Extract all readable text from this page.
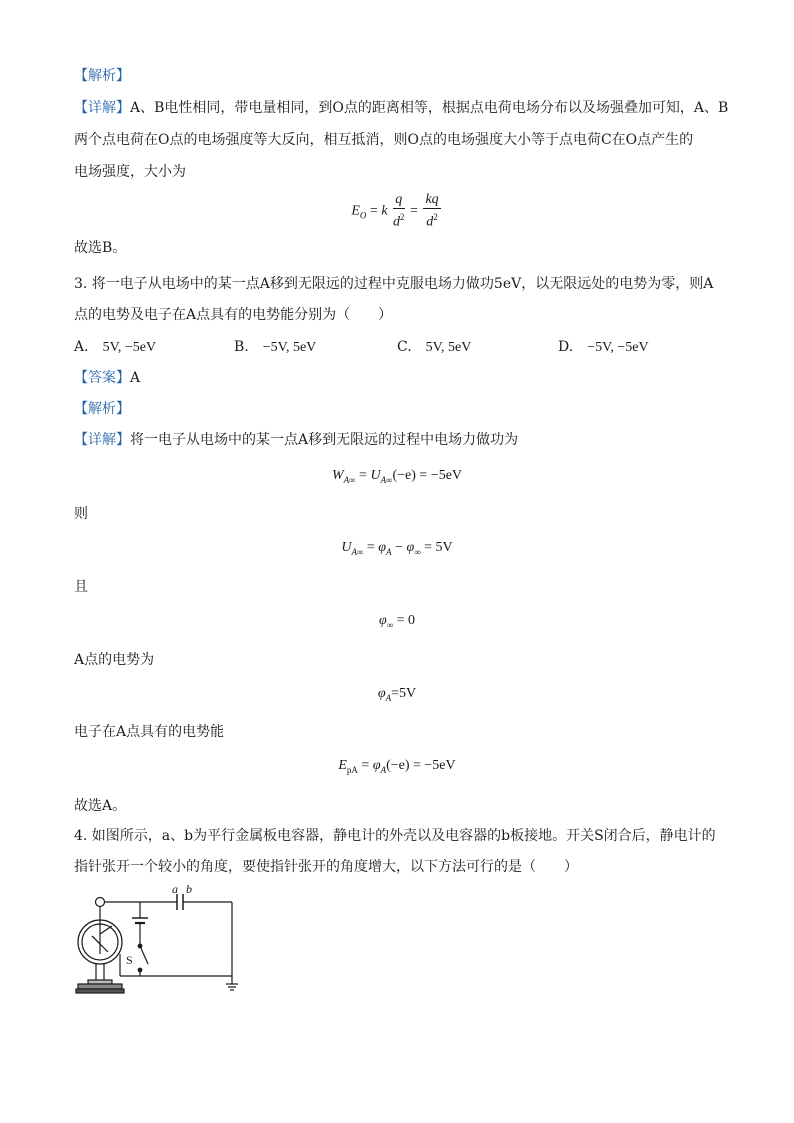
【解析】
【详解】A、B电性相同，带电量相同，到O点的距离相等，根据点电荷电场分布以及场强叠加可知，A、B
两个点电荷在O点的电场强度等大反向，相互抵消，则O点的电场强度大小等于点电荷C在O点产生的
电场强度，大小为
$E_O = k \frac{q}{d^2} = \frac{kq}{d^2}$
故选B。
3. 将一电子从电场中的某一点A移到无限远的过程中克服电场力做功5eV，以无限远处的电势为零，则A
点的电势及电子在A点具有的电势能分别为（　　）
A. 5V, −5eV	B. −5V, 5eV	C. 5V, 5eV	D. −5V, −5eV
【答案】A
【解析】
【详解】将一电子从电场中的某一点A移到无限远的过程中电场力做功为
$W_{A\infty} = U_{A\infty}(-e) = -5eV$
则
$U_{A\infty} = \varphi_A - \varphi_\infty = 5V$
且
$\varphi_\infty = 0$
A点的电势为
$\varphi_A=5V$
电子在A点具有的电势能
$E_{pA} = \varphi_A(-e) = -5eV$
故选A。
4. 如图所示，a、b为平行金属板电容器，静电计的外壳以及电容器的b板接地。开关S闭合后，静电计的
指针张开一个较小的角度，要使指针张开的角度增大，以下方法可行的是（　　）
a b
S
